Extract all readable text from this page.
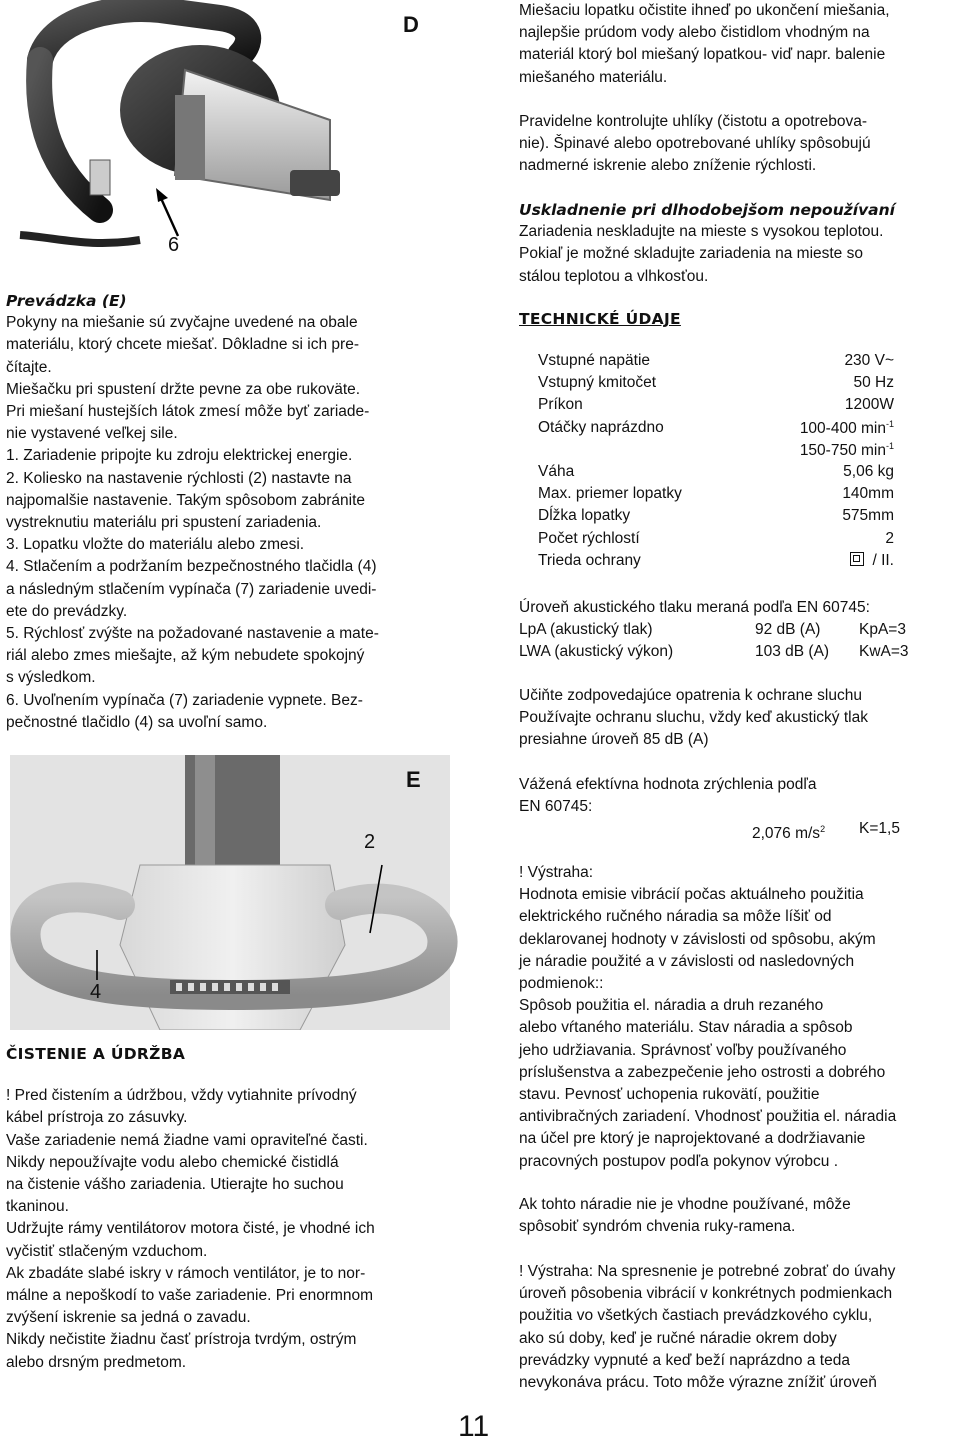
D
6
Prevádzka (E)

Pokyny na miešanie sú zvyčajne uvedené na obale

materiálu, ktorý chcete miešať. Dôkladne si ich pre-

čítajte.

Miešačku pri spustení držte pevne za obe rukoväte.

Pri miešaní hustejších látok zmesí môže byť zariade-

nie vystavené veľkej sile.

1. Zariadenie pripojte ku zdroju elektrickej energie.

2. Koliesko na nastavenie rýchlosti (2) nastavte na

najpomalšie nastavenie. Takým spôsobom zabránite

vystreknutiu materiálu pri spustení zariadenia.

3. Lopatku vložte do materiálu alebo zmesi.

4. Stlačením a podržaním bezpečnostného tlačidla (4)

a následným stlačením vypínača (7) zariadenie uvedi-

ete do prevádzky.

5. Rýchlosť zvýšte na požadované nastavenie a mate-

riál alebo zmes miešajte, až kým nebudete spokojný

s výsledkom.

6. Uvoľnením vypínača (7) zariadenie vypnete. Bez-

pečnostné tlačidlo (4) sa uvoľní samo.

E
2
4
ČISTENIE A ÚDRŽBA

! Pred čistením a údržbou, vždy vytiahnite prívodný

kábel prístroja zo zásuvky.

Vaše zariadenie nemá žiadne vami opraviteľné časti.

Nikdy nepoužívajte vodu alebo chemické čistidlá

na čistenie vášho zariadenia. Utierajte ho suchou

tkaninou.

Udržujte rámy ventilátorov motora čisté, je vhodné ich

vyčistiť stlačeným vzduchom.

Ak zbadáte slabé iskry v rámoch ventilátor, je to nor-

málne a nepoškodí to vaše zariadenie. Pri enormnom

zvýšení iskrenie sa jedná o zavadu.

Nikdy nečistite žiadnu časť prístroja tvrdým, ostrým

alebo drsným predmetom.

Miešaciu lopatku očistite ihneď po ukončení miešania,

najlepšie prúdom vody alebo čistidlom vhodným na

materiál ktorý bol miešaný lopatkou- viď napr. balenie

miešaného materiálu.

Pravidelne kontrolujte uhlíky (čistotu a opotrebova-

nie). Špinavé alebo opotrebované uhlíky spôsobujú

nadmerné iskrenie alebo zníženie rýchlosti.

Uskladnenie pri dlhodobejšom nepoužívaní

Zariadenia neskladujte na mieste s vysokou teplotou.

Pokiaľ je možné skladujte zariadenia na mieste so

stálou teplotou a vlhkosťou.

TECHNICKÉ ÚDAJE
Vstupné napätie	230 V~
Vstupný kmitočet	50 Hz
Príkon	1200W
Otáčky naprázdno	100-400 $\min^{-1}$
150-750 $\min^{-1}$
Váha	5,06 kg
Max. priemer lopatky	140mm
Dĺžka lopatky	575mm
Počet rýchlostí	2
Trieda ochrany	/ II.
Úroveň akustického tlaku meraná podľa EN 60745:
LpA (akustický tlak)	92 dB (A) KpA=3
LWA (akustický výkon)	103 dB (A) KwA=3

Učiňte zodpovedajúce opatrenia k ochrane sluchu

Používajte ochranu sluchu, vždy keď akustický tlak

presiahne úroveň 85 dB (A)

Vážená efektívna hodnota zrýchlenia podľa

EN 60745:

2,076 $m/s^2$ K=1,5

! Výstraha:

Hodnota emisie vibrácií počas aktuálneho použitia

elektrického ručného náradia sa môže líšiť od

deklarovanej hodnoty v závislosti od spôsobu, akým

je náradie použité a v závislosti od nasledovných

podmienok::

Spôsob použitia el. náradia a druh rezaného

alebo vŕtaného materiálu. Stav náradia a spôsob

jeho udržiavania. Správnosť voľby používaného

príslušenstva a zabezpečenie jeho ostrosti a dobrého

stavu. Pevnosť uchopenia rukovätí, použitie

antivibračných zariadení. Vhodnosť použitia el. náradia

na účel pre ktorý je naprojektované a dodržiavanie

pracovných postupov podľa pokynov výrobcu .

Ak tohto náradie nie je vhodne používané, môže

spôsobiť syndróm chvenia ruky-ramena.

! Výstraha: Na spresnenie je potrebné zobrať do úvahy

úroveň pôsobenia vibrácií v konkrétnych podmienkach

použitia vo všetkých častiach prevádzkového cyklu,

ako sú doby, keď je ručné náradie okrem doby

prevádzky vypnuté a keď beží naprázdno a teda

nevykonáva prácu. Toto môže výrazne znížiť úroveň

11
